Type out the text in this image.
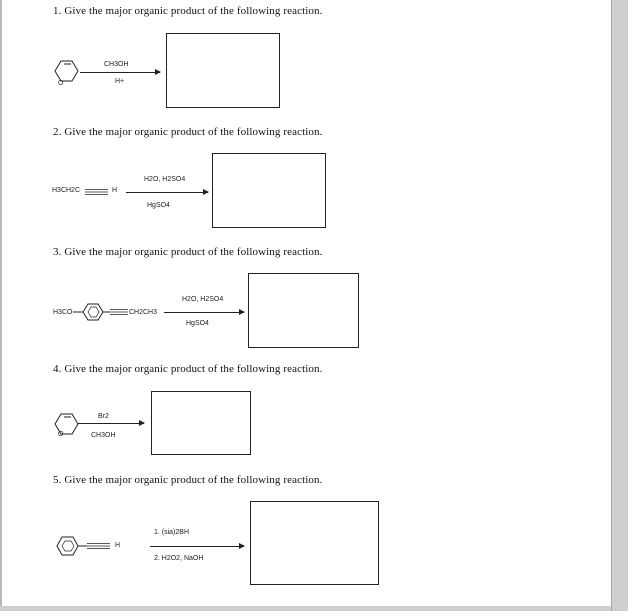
1. Give the major organic product of the following reaction.
O
CH3OH
H+
2. Give the major organic product of the following reaction.
H3CH2C	H
H2O, H2SO4
HgSO4
3. Give the major organic product of the following reaction.
H3CO	CH2CH3
H2O, H2SO4
HgSO4
4. Give the major organic product of the following reaction.
O
Br2
CH3OH
5. Give the major organic product of the following reaction.
H
1. (sia)2BH
2. H2O2, NaOH
